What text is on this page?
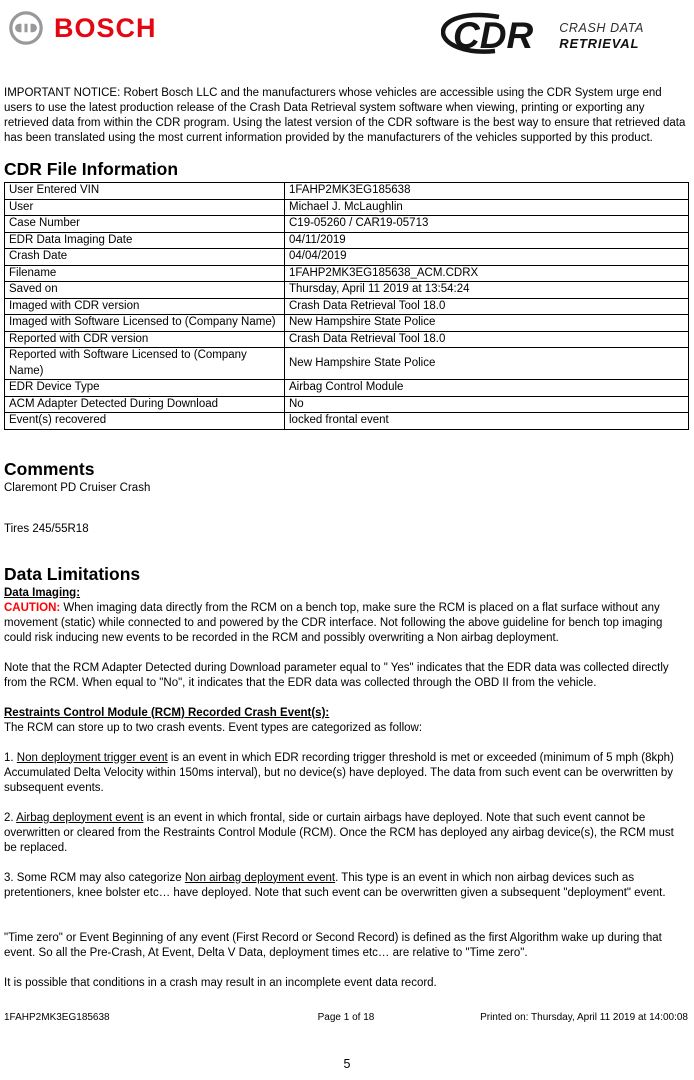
BOSCH	CDR CRASH DATA
RETRIEVAL

IMPORTANT NOTICE: Robert Bosch LLC and the manufacturers whose vehicles are accessible using the CDR System urge end users to use the latest production release of the Crash Data Retrieval system software when viewing, printing or exporting any retrieved data from within the CDR program. Using the latest version of the CDR software is the best way to ensure that retrieved data has been translated using the most current information provided by the manufacturers of the vehicles supported by this product.

CDR File Information
User Entered VIN	1FAHP2MK3EG185638
User	Michael J. McLaughlin
Case Number	C19-05260 / CAR19-05713
EDR Data Imaging Date	04/11/2019
Crash Date	04/04/2019
Filename	1FAHP2MK3EG185638_ACM.CDRX
Saved on	Thursday, April 11 2019 at 13:54:24
Imaged with CDR version	Crash Data Retrieval Tool 18.0
Imaged with Software Licensed to (Company Name)	New Hampshire State Police
Reported with CDR version	Crash Data Retrieval Tool 18.0
Reported with Software Licensed to (Company Name)	New Hampshire State Police
EDR Device Type	Airbag Control Module
ACM Adapter Detected During Download	No
Event(s) recovered	locked frontal event
Comments
Claremont PD Cruiser Crash
Tires 245/55R18
Data Limitations
Data Imaging:

CAUTION: When imaging data directly from the RCM on a bench top, make sure the RCM is placed on a flat surface without any movement (static) while connected to and powered by the CDR interface. Not following the above guideline for bench top imaging could risk inducing new events to be recorded in the RCM and possibly overwriting a Non airbag deployment.

Note that the RCM Adapter Detected during Download parameter equal to " Yes" indicates that the EDR data was collected directly from the RCM. When equal to "No", it indicates that the EDR data was collected through the OBD II from the vehicle.

Restraints Control Module (RCM) Recorded Crash Event(s):

The RCM can store up to two crash events. Event types are categorized as follow:

1. Non deployment trigger event is an event in which EDR recording trigger threshold is met or exceeded (minimum of 5 mph (8kph) Accumulated Delta Velocity within 150ms interval), but no device(s) have deployed. The data from such event can be overwritten by subsequent events.

2. Airbag deployment event is an event in which frontal, side or curtain airbags have deployed. Note that such event cannot be overwritten or cleared from the Restraints Control Module (RCM). Once the RCM has deployed any airbag device(s), the RCM must be replaced.

3. Some RCM may also categorize Non airbag deployment event. This type is an event in which non airbag devices such as pretentioners, knee bolster etc… have deployed. Note that such event can be overwritten given a subsequent "deployment" event.

"Time zero" or Event Beginning of any event (First Record or Second Record) is defined as the first Algorithm wake up during that event. So all the Pre-Crash, At Event, Delta V Data, deployment times etc… are relative to "Time zero".

It is possible that conditions in a crash may result in an incomplete event data record.

Page 1 of 18
1FAHP2MK3EG185638	Printed on: Thursday, April 11 2019 at 14:00:08
5
